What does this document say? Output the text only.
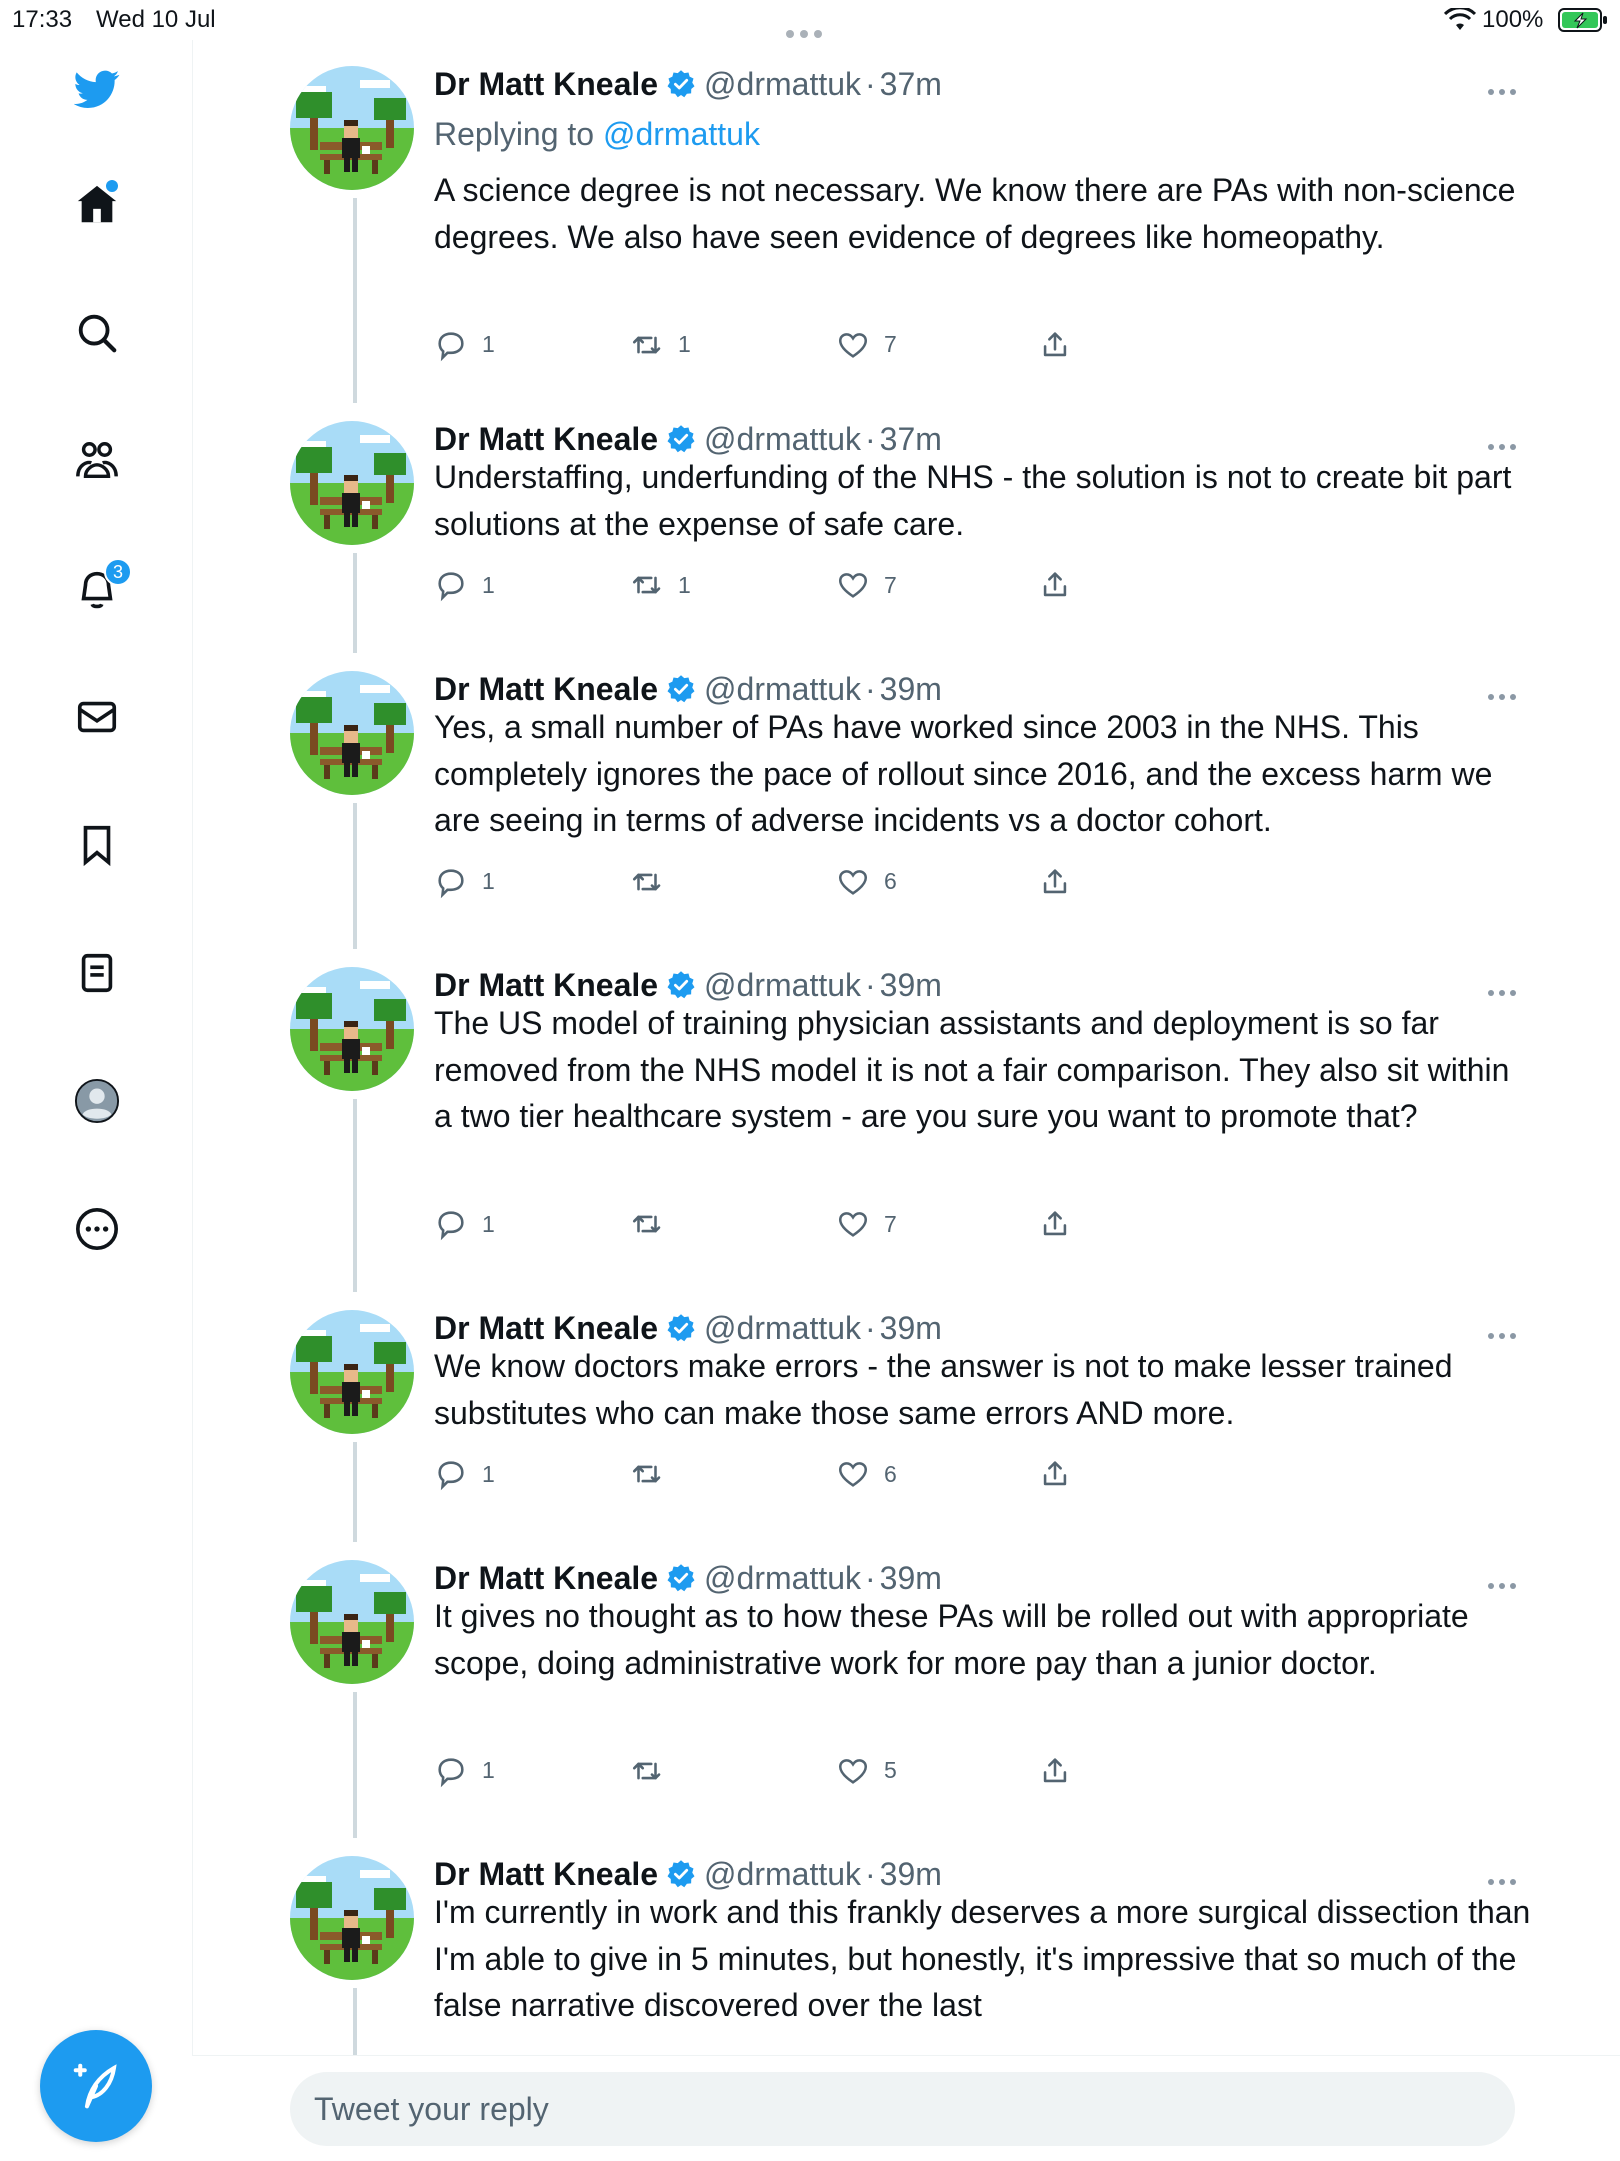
17:33 Wed 10 Jul	100%
3
Dr Matt Kneale @drmattuk · 37m
Replying to @drmattuk
A science degree is not necessary. We know there are PAs with non-science degrees. We also have seen evidence of degrees like homeopathy.
1	1	7
Dr Matt Kneale @drmattuk · 37m
Understaffing, underfunding of the NHS - the solution is not to create bit part solutions at the expense of safe care.
1	1	7
Dr Matt Kneale @drmattuk · 39m
Yes, a small number of PAs have worked since 2003 in the NHS. This completely ignores the pace of rollout since 2016, and the excess harm we are seeing in terms of adverse incidents vs a doctor cohort.
1	6
Dr Matt Kneale @drmattuk · 39m
The US model of training physician assistants and deployment is so far removed from the NHS model it is not a fair comparison. They also sit within a two tier healthcare system - are you sure you want to promote that?
1	7
Dr Matt Kneale @drmattuk · 39m
We know doctors make errors - the answer is not to make lesser trained substitutes who can make those same errors AND more.
1	6
Dr Matt Kneale @drmattuk · 39m
It gives no thought as to how these PAs will be rolled out with appropriate scope, doing administrative work for more pay than a junior doctor.
1	5
Dr Matt Kneale @drmattuk · 39m
I'm currently in work and this frankly deserves a more surgical dissection than I'm able to give in 5 minutes, but honestly, it's impressive that so much of the false narrative discovered over the last
Tweet your reply
